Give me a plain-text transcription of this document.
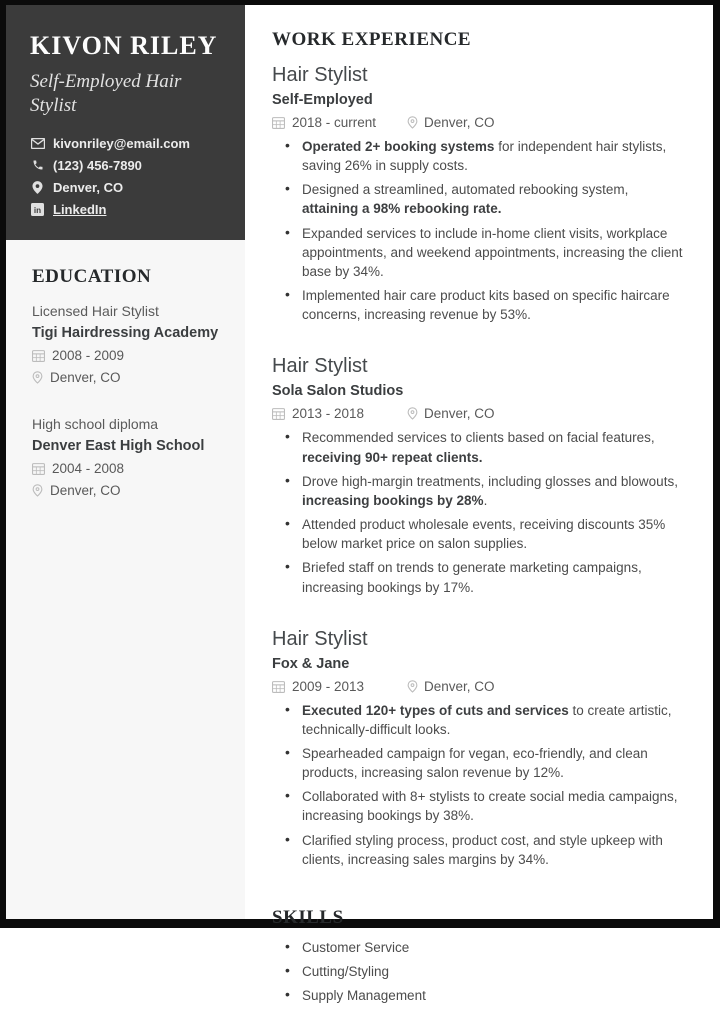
KIVON RILEY
Self-Employed Hair Stylist
kivonriley@email.com
(123) 456-7890
Denver, CO
in LinkedIn
EDUCATION
Licensed Hair Stylist
Tigi Hairdressing Academy
2008 - 2009
Denver, CO
High school diploma
Denver East High School
2004 - 2008
Denver, CO
WORK EXPERIENCE
Hair Stylist
Self-Employed
2018 - current	Denver, CO
• Operated 2+ booking systems for independent hair stylists, saving 26% in supply costs.
• Designed a streamlined, automated rebooking system, attaining a 98% rebooking rate.
• Expanded services to include in-home client visits, workplace appointments, and weekend appointments, increasing the client base by 34%.
• Implemented hair care product kits based on specific haircare concerns, increasing revenue by 53%.
Hair Stylist
Sola Salon Studios
2013 - 2018	Denver, CO
• Recommended services to clients based on facial features, receiving 90+ repeat clients.
• Drove high-margin treatments, including glosses and blowouts, increasing bookings by 28%.
• Attended product wholesale events, receiving discounts 35% below market price on salon supplies.
• Briefed staff on trends to generate marketing campaigns, increasing bookings by 17%.
Hair Stylist
Fox & Jane
2009 - 2013	Denver, CO
• Executed 120+ types of cuts and services to create artistic, technically-difficult looks.
• Spearheaded campaign for vegan, eco-friendly, and clean products, increasing salon revenue by 12%.
• Collaborated with 8+ stylists to create social media campaigns, increasing bookings by 38%.
• Clarified styling process, product cost, and style upkeep with clients, increasing sales margins by 34%.
SKILLS
• Customer Service
• Cutting/Styling
• Supply Management
